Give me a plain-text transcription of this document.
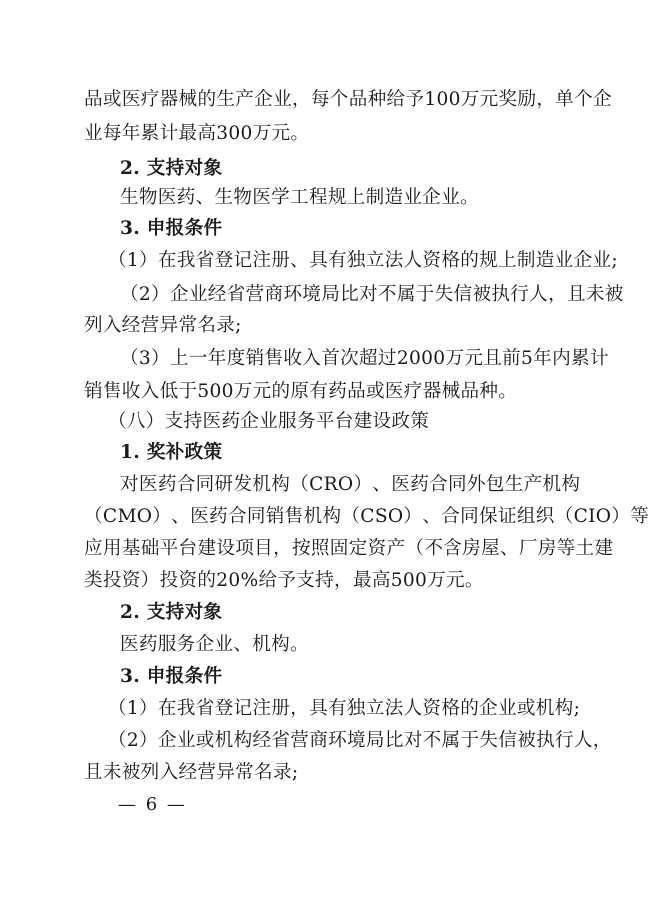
品 或 医 疗 器 械 的 生 产 企 业 ， 每 个 品 种 给 予 1 0 0 万 元 奖 励 ， 单 个 企
业每年累计最高300万元。
2. 支持对象
生物医药、生物医学工程规上制造业企业。
3. 申报条件
（1）在我省登记注册、具有独立法人资格的规上制造业企业;
（ 2 ） 企 业 经 省 营 商 环 境 局 比 对 不 属 于 失 信 被 执 行 人 ， 且 未 被
列入经营异常名录;
（ 3 ） 上 一 年 度 销 售 收 入 首 次 超 过 2 0 0 0 万 元 且 前 5 年 内 累 计
销售收入低于500万元的原有药品或医疗器械品种。
（八）支持医药企业服务平台建设政策
1. 奖补政策
对 医 药 合 同 研 发 机 构 （ C R O ） 、 医 药 合 同 外 包 生 产 机 构
（ C M O ） 、 医 药 合 同 销 售 机 构 （ C S O ） 、 合 同 保 证 组 织 （ C I O ） 等
应 用 基 础 平 台 建 设 项 目 ， 按 照 固 定 资 产 （ 不 含 房 屋 、 厂 房 等 土 建
类投资）投资的20%给予支持，最高500万元。
2. 支持对象
医药服务企业、机构。
3. 申报条件
（1）在我省登记注册，具有独立法人资格的企业或机构;
（ 2 ） 企 业 或 机 构 经 省 营 商 环 境 局 比 对 不 属 于 失 信 被 执 行 人 ，
且未被列入经营异常名录;
— 6 —
